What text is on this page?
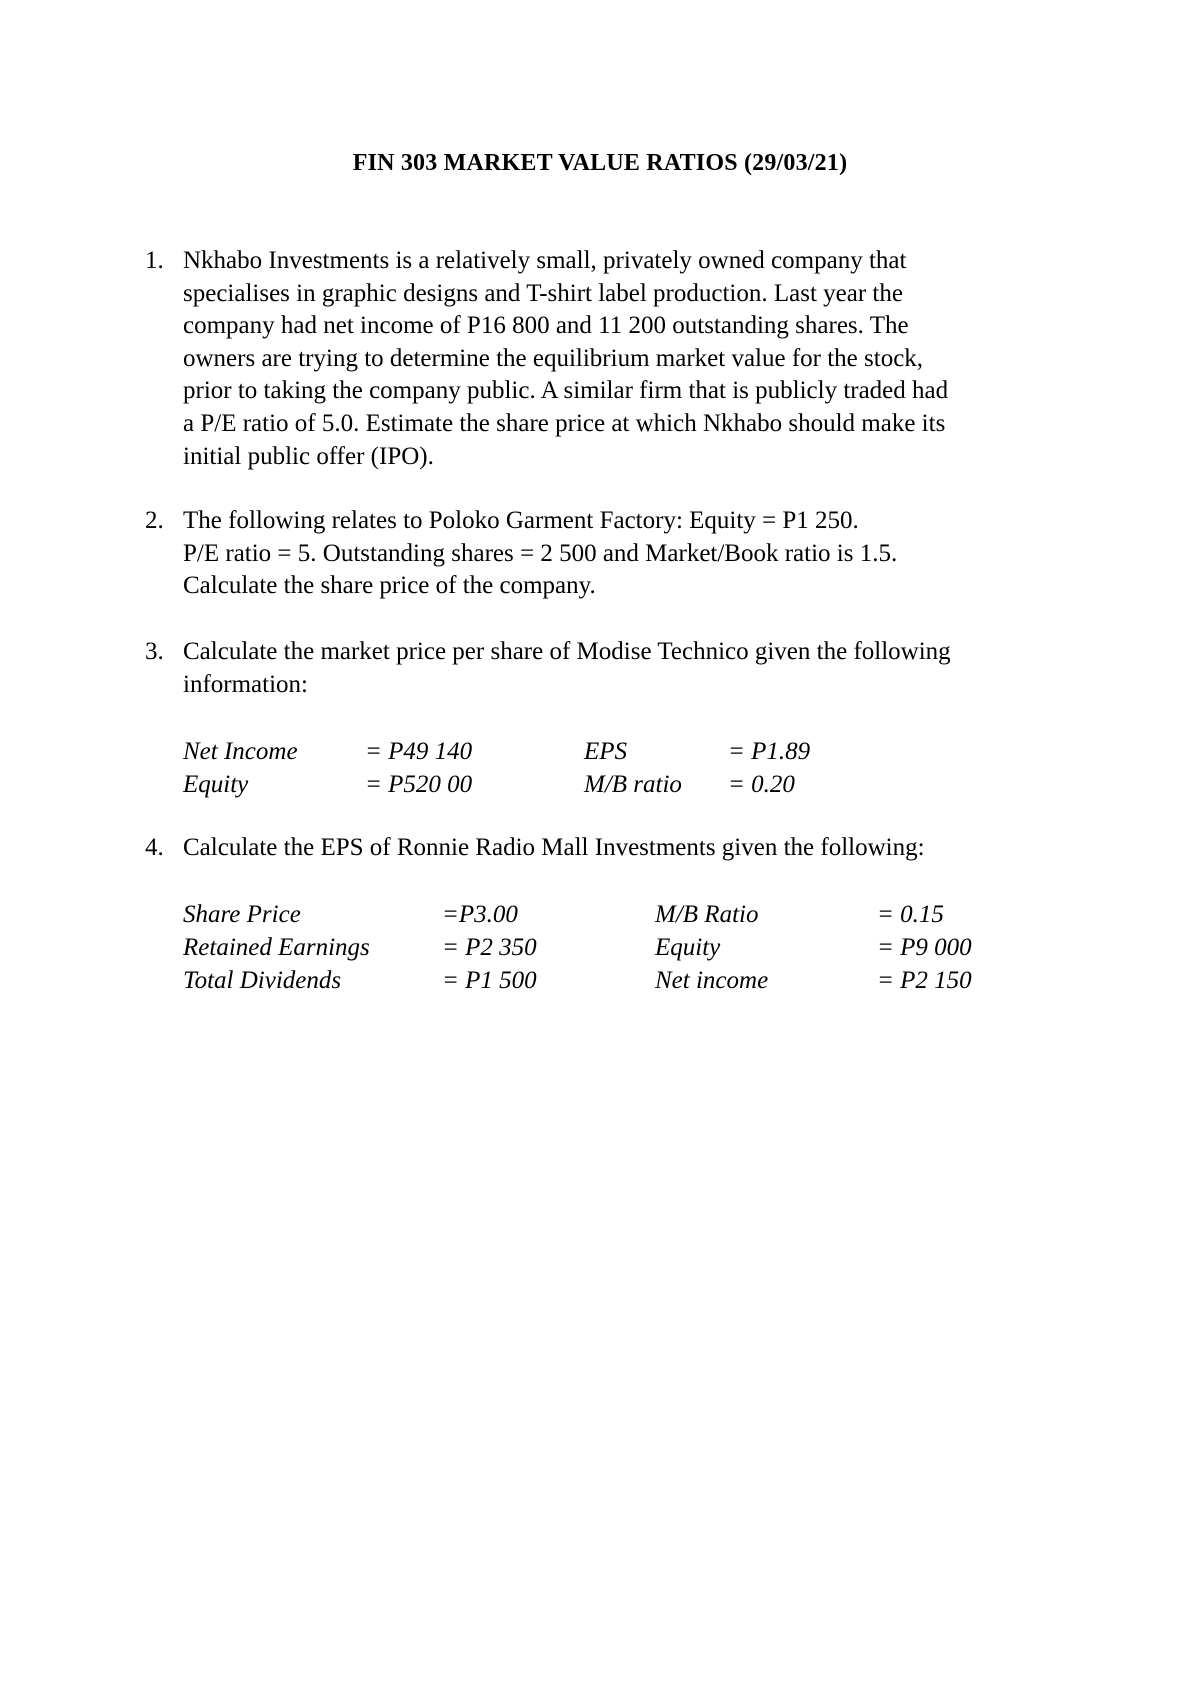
FIN 303 MARKET VALUE RATIOS (29/03/21)
1. Nkhabo Investments is a relatively small, privately owned company that
specialises in graphic designs and T-shirt label production. Last year the
company had net income of P16 800 and 11 200 outstanding shares. The
owners are trying to determine the equilibrium market value for the stock,
prior to taking the company public. A similar firm that is publicly traded had
a P/E ratio of 5.0. Estimate the share price at which Nkhabo should make its
initial public offer (IPO).
2. The following relates to Poloko Garment Factory: Equity = P1 250.
P/E ratio = 5. Outstanding shares = 2 500 and Market/Book ratio is 1.5.
Calculate the share price of the company.
3. Calculate the market price per share of Modise Technico given the following
information:
Net Income	= P49 140	EPS	= P1.89
Equity	= P520 00	M/B ratio = 0.20
4. Calculate the EPS of Ronnie Radio Mall Investments given the following:
Share Price	=P3.00	M/B Ratio	= 0.15
Retained Earnings	= P2 350	Equity	= P9 000
Total Dividends	= P1 500	Net income	= P2 150
